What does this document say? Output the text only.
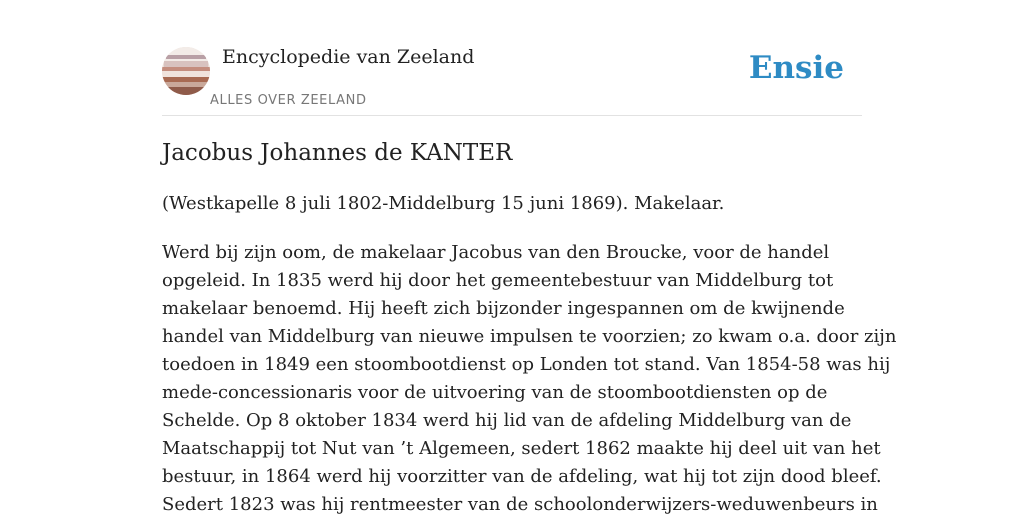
Encyclopedie van Zeeland
ALLES OVER ZEELAND
Ensie
Jacobus Johannes de KANTER

(Westkapelle 8 juli 1802-Middelburg 15 juni 1869). Makelaar.

Werd bij zijn oom, de makelaar Jacobus van den Broucke, voor de handel
opgeleid. In 1835 werd hij door het gemeentebestuur van Middelburg tot
makelaar benoemd. Hij heeft zich bijzonder ingespannen om de kwijnende
handel van Middelburg van nieuwe impulsen te voorzien; zo kwam o.a. door zijn
toedoen in 1849 een stoombootdienst op Londen tot stand. Van 1854-58 was hij
mede-concessionaris voor de uitvoering van de stoombootdiensten op de
Schelde. Op 8 oktober 1834 werd hij lid van de afdeling Middelburg van de
Maatschappij tot Nut van ’t Algemeen, sedert 1862 maakte hij deel uit van het
bestuur, in 1864 werd hij voorzitter van de afdeling, wat hij tot zijn dood bleef.
Sedert 1823 was hij rentmeester van de schoolonderwijzers-weduwenbeurs in
